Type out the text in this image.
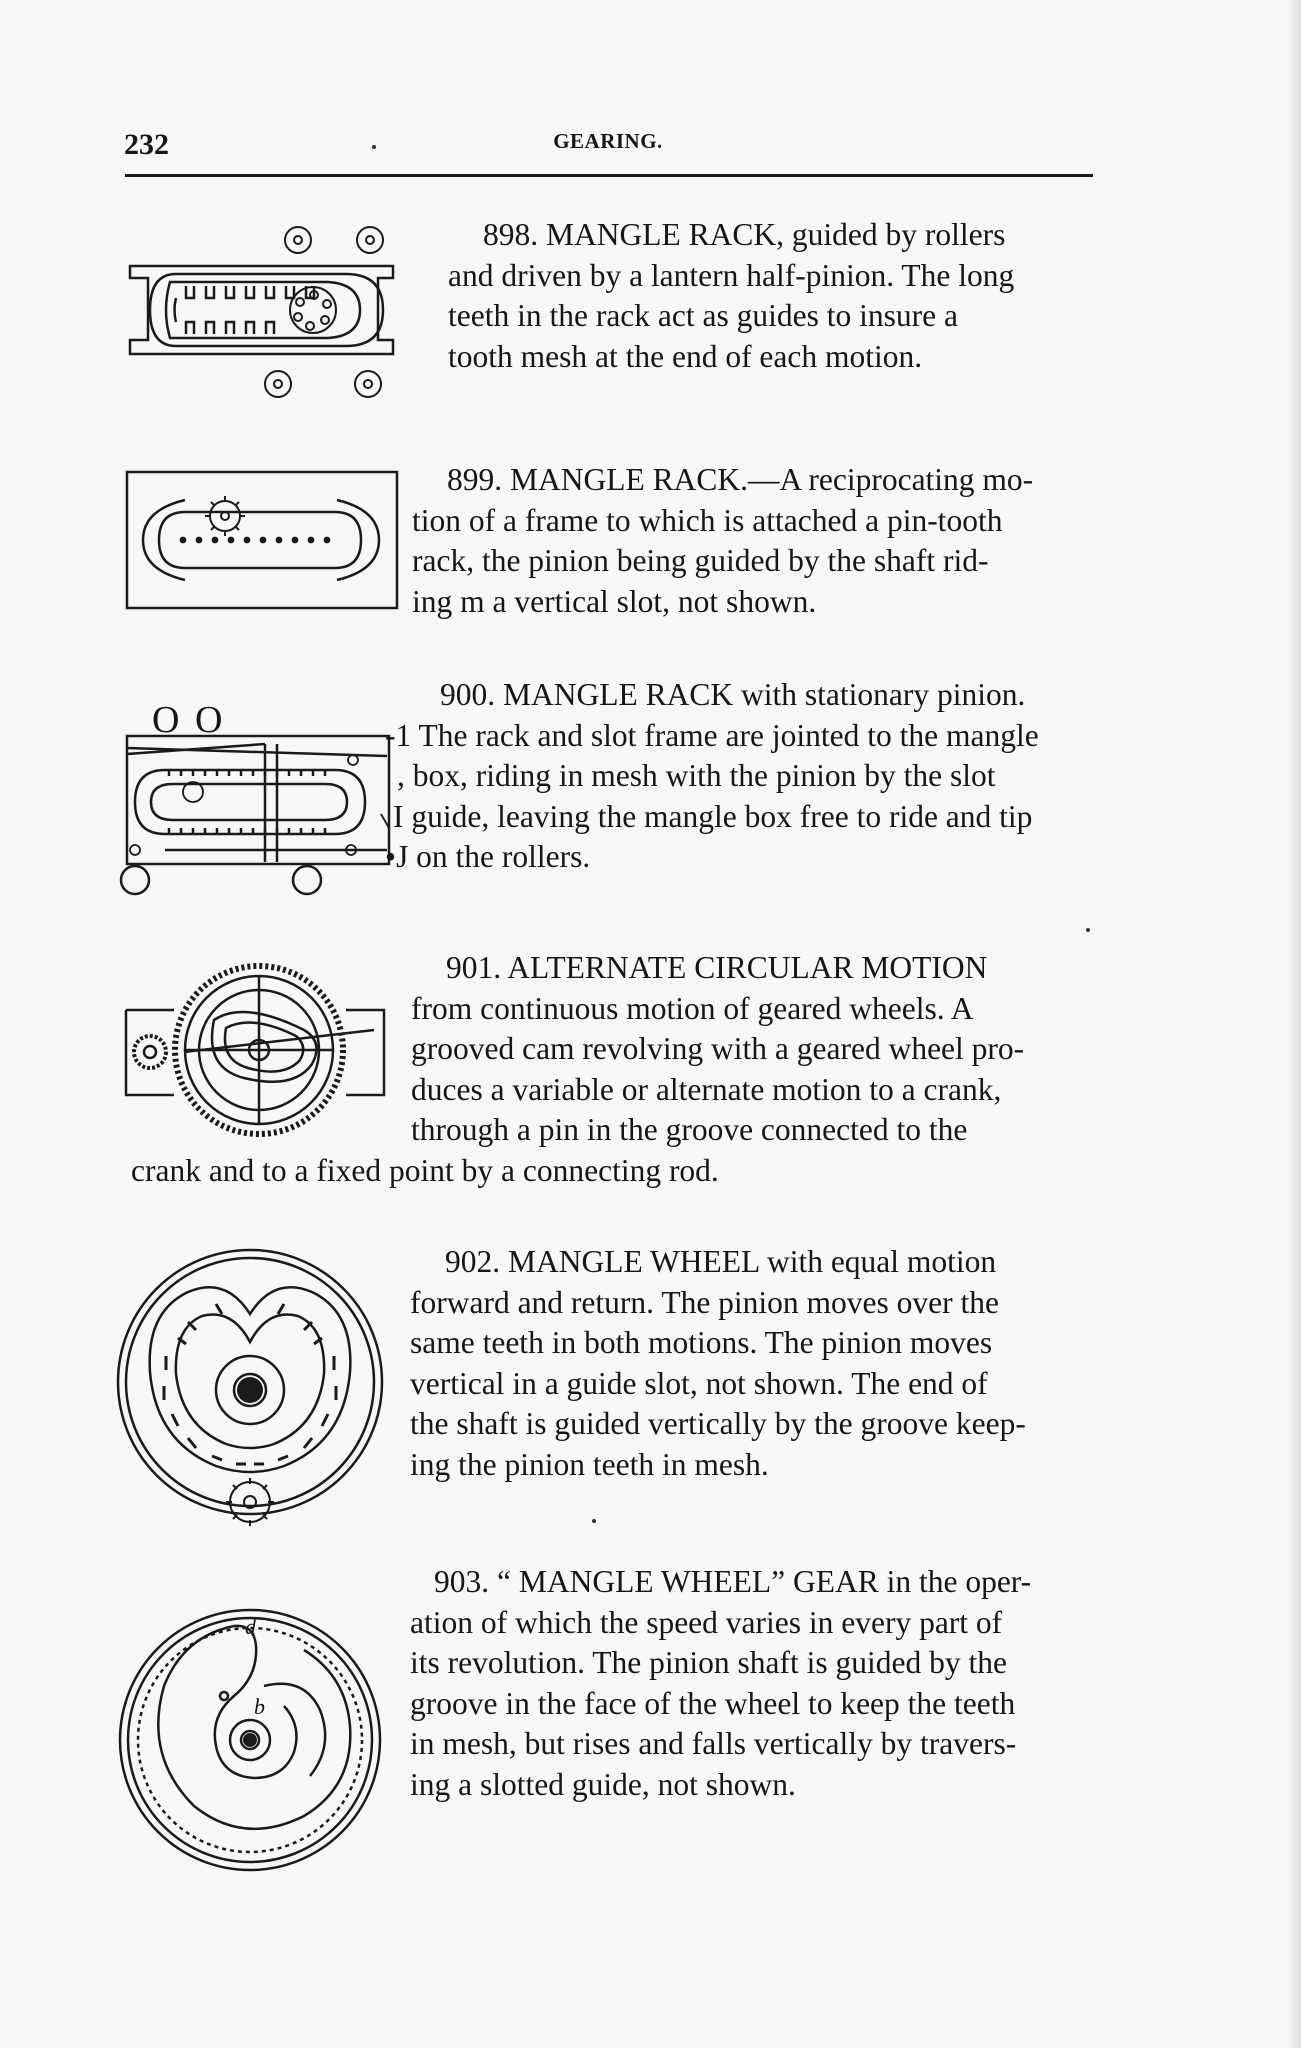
232	GEARING.

898. MANGLE RACK, guided by rollers
and driven by a lantern half-pinion. The long
teeth in the rack act as guides to insure a
tooth mesh at the end of each motion.

899. MANGLE RACK.—A reciprocating mo-
tion of a frame to which is attached a pin-tooth
rack, the pinion being guided by the shaft rid-
ing m a vertical slot, not shown.

O O

900. MANGLE RACK with stationary pinion.
-1 The rack and slot frame are jointed to the mangle
, box, riding in mesh with the pinion by the slot
I guide, leaving the mangle box free to ride and tip
•J on the rollers.

901. ALTERNATE CIRCULAR MOTION
from continuous motion of geared wheels. A
grooved cam revolving with a geared wheel pro-
duces a variable or alternate motion to a crank,
through a pin in the groove connected to the

crank and to a fixed point by a connecting rod.

902. MANGLE WHEEL with equal motion
forward and return. The pinion moves over the
same teeth in both motions. The pinion moves
vertical in a guide slot, not shown. The end of
the shaft is guided vertically by the groove keep-
ing the pinion teeth in mesh.

d
b

903. “ MANGLE WHEEL” GEAR in the oper-
ation of which the speed varies in every part of
its revolution. The pinion shaft is guided by the
groove in the face of the wheel to keep the teeth
in mesh, but rises and falls vertically by travers-
ing a slotted guide, not shown.
